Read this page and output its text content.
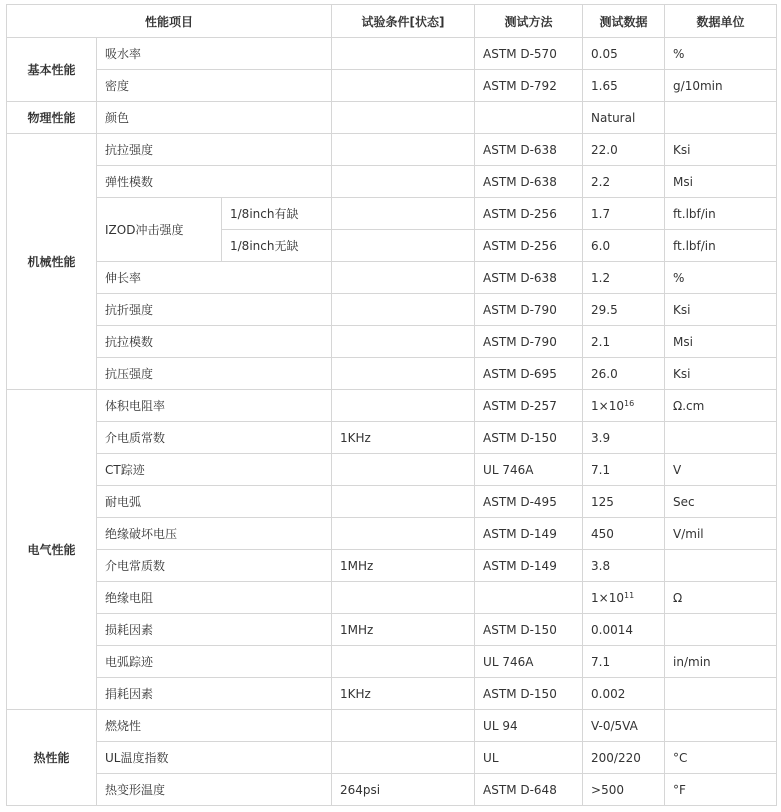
性能项目			试验条件[状态]	测试方法	测试数据	数据单位
基本性能	吸水率			ASTM D-570	0.05	%
	密度			ASTM D-792	1.65	g/10min
物理性能	颜色				Natural	
机械性能	抗拉强度			ASTM D-638	22.0	Ksi
	弹性模数			ASTM D-638	2.2	Msi
	IZOD冲击强度	1/8inch有缺		ASTM D-256	1.7	ft.lbf/in
		1/8inch无缺		ASTM D-256	6.0	ft.lbf/in
	伸长率			ASTM D-638	1.2	%
	抗折强度			ASTM D-790	29.5	Ksi
	抗拉模数			ASTM D-790	2.1	Msi
	抗压强度			ASTM D-695	26.0	Ksi
电气性能	体积电阻率			ASTM D-257	$1\times 10^{16}$	Ω.cm
	介电质常数		1KHz	ASTM D-150	3.9	
	CT踪迹			UL 746A	7.1	V
	耐电弧			ASTM D-495	125	Sec
	绝缘破坏电压			ASTM D-149	450	V/mil
	介电常质数		1MHz	ASTM D-149	3.8	
	绝缘电阻				$1\times 10^{11}$	Ω
	损耗因素		1MHz	ASTM D-150	0.0014	
	电弧踪迹			UL 746A	7.1	in/min
	捐耗因素		1KHz	ASTM D-150	0.002	
热性能	燃烧性			UL 94	V-0/5VA	
	UL温度指数			UL	200/220	°C
	热变形温度		264psi	ASTM D-648	>500	°F
